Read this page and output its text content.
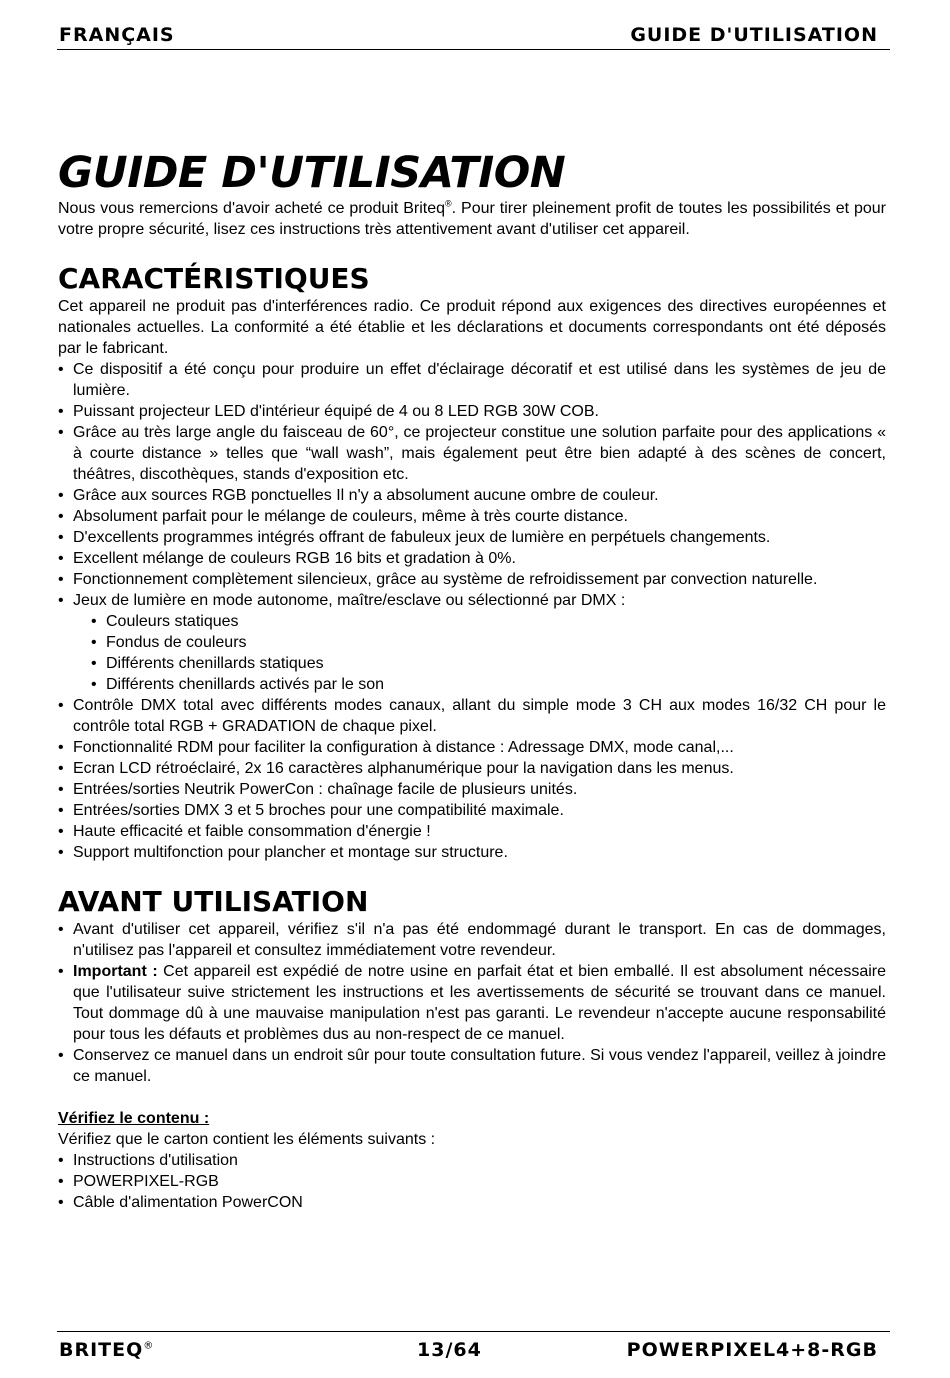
FRANÇAIS	GUIDE D'UTILISATION
GUIDE D'UTILISATION

Nous vous remercions d'avoir acheté ce produit Briteq®. Pour tirer pleinement profit de toutes les possibilités et pour votre propre sécurité, lisez ces instructions très attentivement avant d'utiliser cet appareil.

CARACTÉRISTIQUES

Cet appareil ne produit pas d'interférences radio. Ce produit répond aux exigences des directives européennes et nationales actuelles. La conformité a été établie et les déclarations et documents correspondants ont été déposés par le fabricant.

• Ce dispositif a été conçu pour produire un effet d'éclairage décoratif et est utilisé dans les systèmes de jeu de lumière.
• Puissant projecteur LED d'intérieur équipé de 4 ou 8 LED RGB 30W COB.
• Grâce au très large angle du faisceau de 60°, ce projecteur constitue une solution parfaite pour des applications « à courte distance » telles que “wall wash”, mais également peut être bien adapté à des scènes de concert, théâtres, discothèques, stands d'exposition etc.
• Grâce aux sources RGB ponctuelles Il n'y a absolument aucune ombre de couleur.
• Absolument parfait pour le mélange de couleurs, même à très courte distance.
• D'excellents programmes intégrés offrant de fabuleux jeux de lumière en perpétuels changements.
• Excellent mélange de couleurs RGB 16 bits et gradation à 0%.
• Fonctionnement complètement silencieux, grâce au système de refroidissement par convection naturelle.
• Jeux de lumière en mode autonome, maître/esclave ou sélectionné par DMX :
• Couleurs statiques
• Fondus de couleurs
• Différents chenillards statiques
• Différents chenillards activés par le son
• Contrôle DMX total avec différents modes canaux, allant du simple mode 3 CH aux modes 16/32 CH pour le contrôle total RGB + GRADATION de chaque pixel.
• Fonctionnalité RDM pour faciliter la configuration à distance : Adressage DMX, mode canal,...
• Ecran LCD rétroéclairé, 2x 16 caractères alphanumérique pour la navigation dans les menus.
• Entrées/sorties Neutrik PowerCon : chaînage facile de plusieurs unités.
• Entrées/sorties DMX 3 et 5 broches pour une compatibilité maximale.
• Haute efficacité et faible consommation d'énergie !
• Support multifonction pour plancher et montage sur structure.
AVANT UTILISATION
• Avant d'utiliser cet appareil, vérifiez s'il n'a pas été endommagé durant le transport. En cas de dommages, n'utilisez pas l'appareil et consultez immédiatement votre revendeur.
• Important : Cet appareil est expédié de notre usine en parfait état et bien emballé. Il est absolument nécessaire que l'utilisateur suive strictement les instructions et les avertissements de sécurité se trouvant dans ce manuel. Tout dommage dû à une mauvaise manipulation n'est pas garanti. Le revendeur n'accepte aucune responsabilité pour tous les défauts et problèmes dus au non-respect de ce manuel.
• Conservez ce manuel dans un endroit sûr pour toute consultation future. Si vous vendez l'appareil, veillez à joindre ce manuel.

Vérifiez le contenu :

Vérifiez que le carton contient les éléments suivants :

• Instructions d'utilisation
• POWERPIXEL-RGB
• Câble d'alimentation PowerCON
BRITEQ®	13/64	POWERPIXEL4+8-RGB
